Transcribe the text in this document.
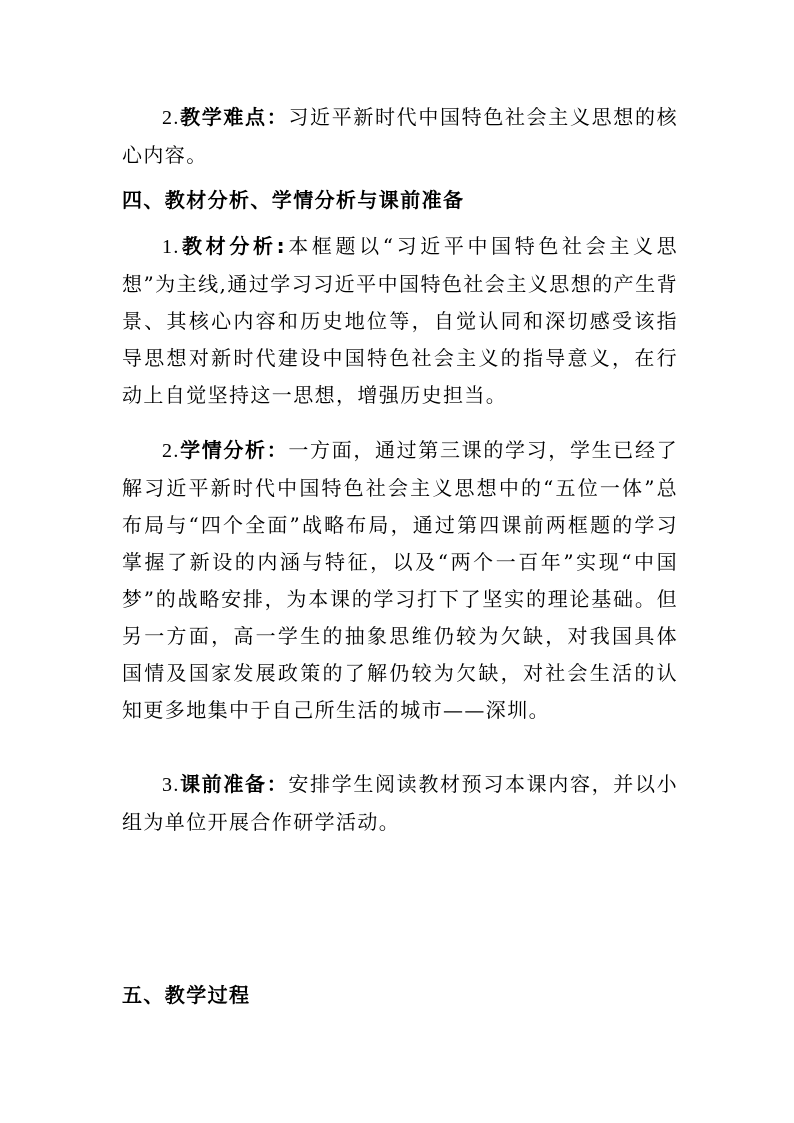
2.教学难点：习近平新时代中国特色社会主义思想的核心内容。

四、教材分析、学情分析与课前准备

1.教材分析:本框题以“习近平中国特色社会主义思想”为主线,通过学习习近平中国特色社会主义思想的产生背景、其核心内容和历史地位等，自觉认同和深切感受该指导思想对新时代建设中国特色社会主义的指导意义，在行动上自觉坚持这一思想，增强历史担当。

2.学情分析：一方面，通过第三课的学习，学生已经了解习近平新时代中国特色社会主义思想中的“五位一体”总布局与“四个全面”战略布局，通过第四课前两框题的学习掌握了新设的内涵与特征，以及“两个一百年”实现“中国梦”的战略安排，为本课的学习打下了坚实的理论基础。但另一方面，高一学生的抽象思维仍较为欠缺，对我国具体国情及国家发展政策的了解仍较为欠缺，对社会生活的认知更多地集中于自己所生活的城市——深圳。

3.课前准备：安排学生阅读教材预习本课内容，并以小组为单位开展合作研学活动。

五、教学过程
